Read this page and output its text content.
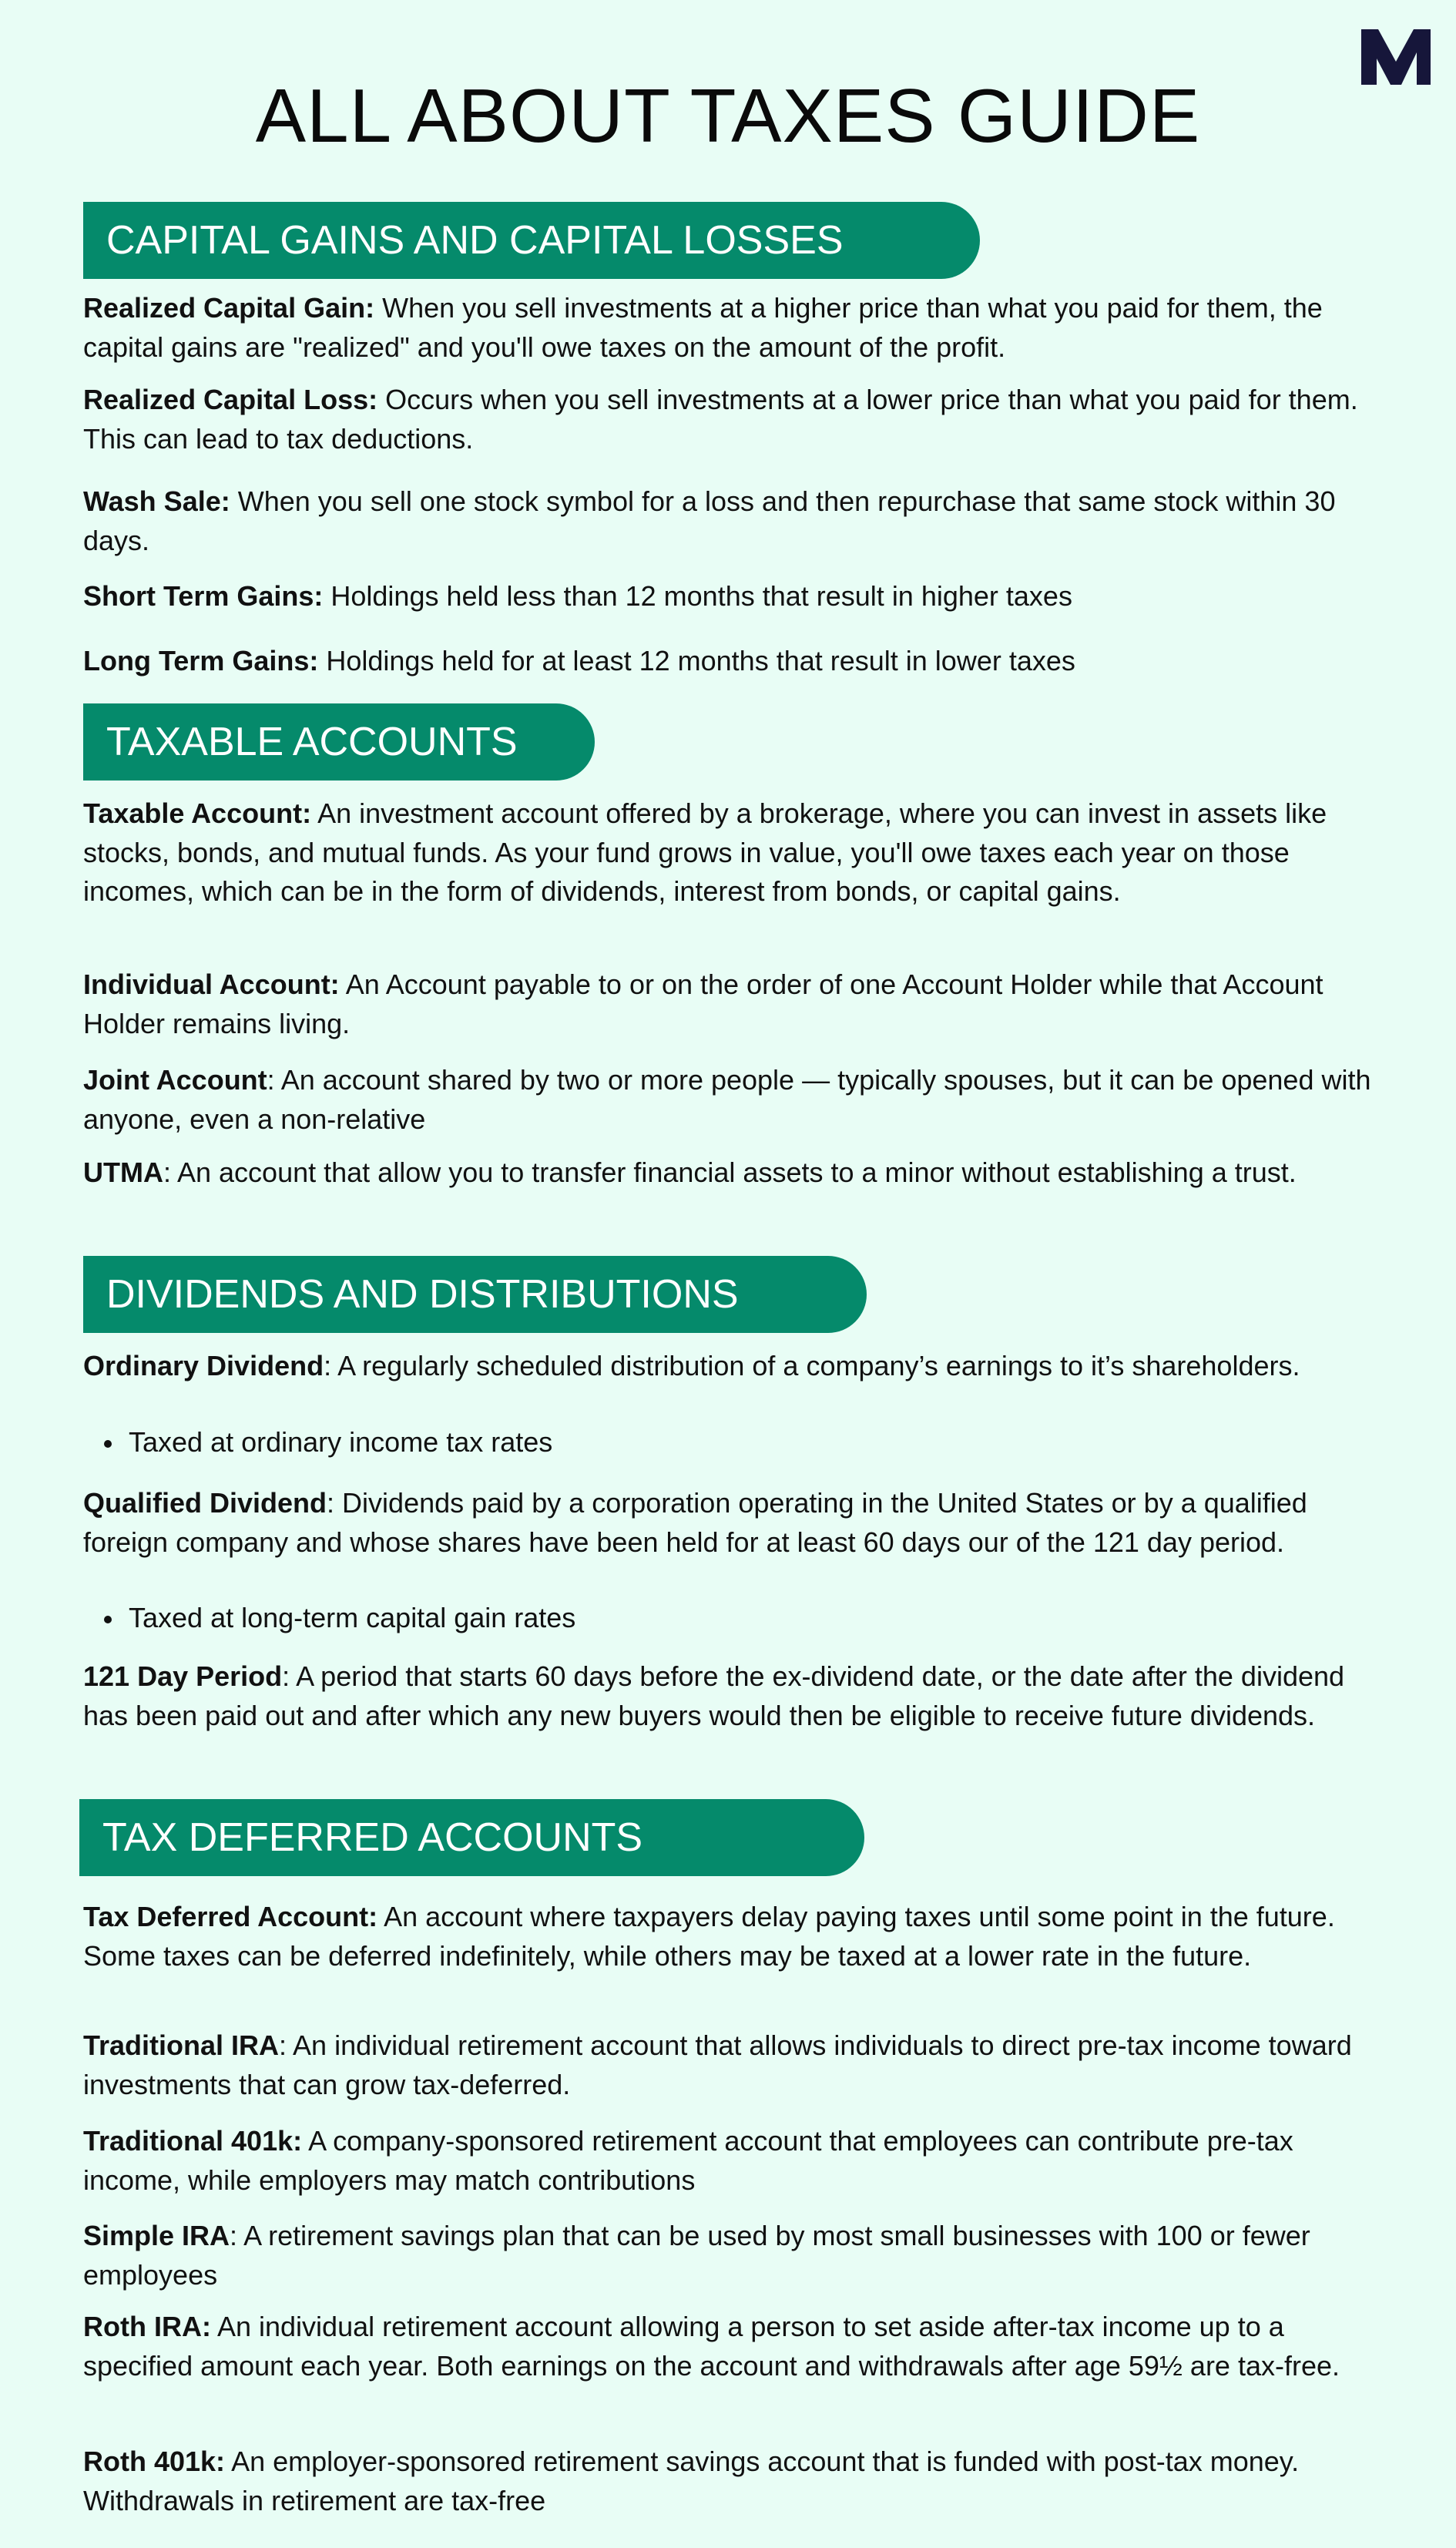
ALL ABOUT TAXES GUIDE
CAPITAL GAINS AND CAPITAL LOSSES
Realized Capital Gain: When you sell investments at a higher price than what you paid for them, the capital gains are "realized" and you'll owe taxes on the amount of the profit.
Realized Capital Loss: Occurs when you sell investments at a lower price than what you paid for them. This can lead to tax deductions.
Wash Sale: When you sell one stock symbol for a loss and then repurchase that same stock within 30 days.
Short Term Gains: Holdings held less than 12 months that result in higher taxes
Long Term Gains: Holdings held for at least 12 months that result in lower taxes
TAXABLE ACCOUNTS
Taxable Account: An investment account offered by a brokerage, where you can invest in assets like stocks, bonds, and mutual funds. As your fund grows in value, you'll owe taxes each year on those incomes, which can be in the form of dividends, interest from bonds, or capital gains.
Individual Account: An Account payable to or on the order of one Account Holder while that Account Holder remains living.
Joint Account: An account shared by two or more people — typically spouses, but it can be opened with anyone, even a non-relative
UTMA: An account that allow you to transfer financial assets to a minor without establishing a trust.
DIVIDENDS AND DISTRIBUTIONS
Ordinary Dividend: A regularly scheduled distribution of a company’s earnings to it’s shareholders.
Taxed at ordinary income tax rates
Qualified Dividend: Dividends paid by a corporation operating in the United States or by a qualified foreign company and whose shares have been held for at least 60 days our of the 121 day period.
Taxed at long-term capital gain rates
121 Day Period: A period that starts 60 days before the ex-dividend date, or the date after the dividend has been paid out and after which any new buyers would then be eligible to receive future dividends.
TAX DEFERRED ACCOUNTS
Tax Deferred Account: An account where taxpayers delay paying taxes until some point in the future. Some taxes can be deferred indefinitely, while others may be taxed at a lower rate in the future.
Traditional IRA: An individual retirement account that allows individuals to direct pre-tax income toward investments that can grow tax-deferred.
Traditional 401k: A company-sponsored retirement account that employees can contribute pre-tax income, while employers may match contributions
Simple IRA: A retirement savings plan that can be used by most small businesses with 100 or fewer employees
Roth IRA: An individual retirement account allowing a person to set aside after-tax income up to a specified amount each year. Both earnings on the account and withdrawals after age 59½ are tax-free.
Roth 401k: An employer-sponsored retirement savings account that is funded with post-tax money. Withdrawals in retirement are tax-free
